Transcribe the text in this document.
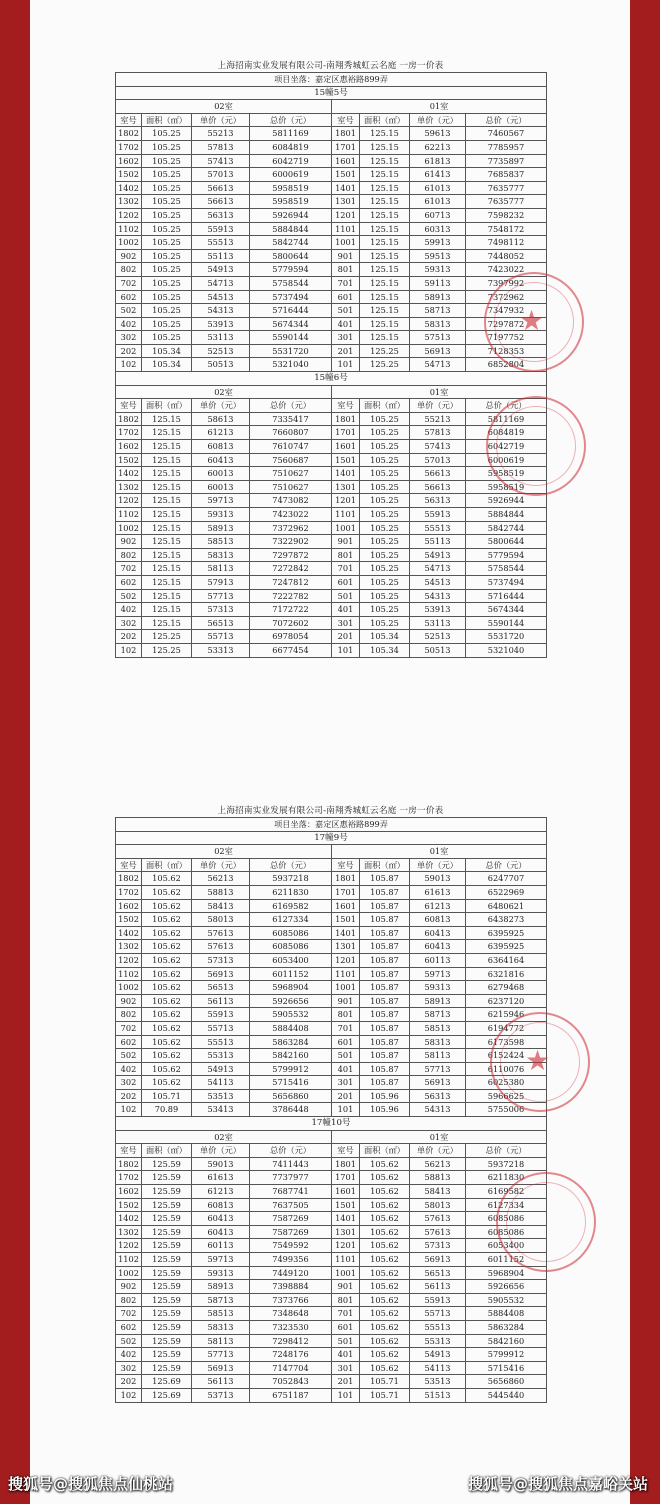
上海招南实业发展有限公司-南翔秀城虹云名庭 一房一价表
项目坐落：嘉定区惠裕路899弄							
15幢5号							
02室				01室			
室号	面积（㎡）	单价（元）	总价（元）	室号	面积（㎡）	单价（元）	总价（元）
1802	105.25	55213	5811169	1801	125.15	59613	7460567
1702	105.25	57813	6084819	1701	125.15	62213	7785957
1602	105.25	57413	6042719	1601	125.15	61813	7735897
1502	105.25	57013	6000619	1501	125.15	61413	7685837
1402	105.25	56613	5958519	1401	125.15	61013	7635777
1302	105.25	56613	5958519	1301	125.15	61013	7635777
1202	105.25	56313	5926944	1201	125.15	60713	7598232
1102	105.25	55913	5884844	1101	125.15	60313	7548172
1002	105.25	55513	5842744	1001	125.15	59913	7498112
902	105.25	55113	5800644	901	125.15	59513	7448052
802	105.25	54913	5779594	801	125.15	59313	7423022
702	105.25	54713	5758544	701	125.15	59113	7397992
602	105.25	54513	5737494	601	125.15	58913	7372962
502	105.25	54313	5716444	501	125.15	58713	7347932
402	105.25	53913	5674344	401	125.15	58313	7297872
302	105.25	53113	5590144	301	125.15	57513	7197752
202	105.34	52513	5531720	201	125.25	56913	7128353
102	105.34	50513	5321040	101	125.25	54713	6852804
15幢6号							
02室				01室			
室号	面积（㎡）	单价（元）	总价（元）	室号	面积（㎡）	单价（元）	总价（元）
1802	125.15	58613	7335417	1801	105.25	55213	5811169
1702	125.15	61213	7660807	1701	105.25	57813	6084819
1602	125.15	60813	7610747	1601	105.25	57413	6042719
1502	125.15	60413	7560687	1501	105.25	57013	6000619
1402	125.15	60013	7510627	1401	105.25	56613	5958519
1302	125.15	60013	7510627	1301	105.25	56613	5958519
1202	125.15	59713	7473082	1201	105.25	56313	5926944
1102	125.15	59313	7423022	1101	105.25	55913	5884844
1002	125.15	58913	7372962	1001	105.25	55513	5842744
902	125.15	58513	7322902	901	105.25	55113	5800644
802	125.15	58313	7297872	801	105.25	54913	5779594
702	125.15	58113	7272842	701	105.25	54713	5758544
602	125.15	57913	7247812	601	105.25	54513	5737494
502	125.15	57713	7222782	501	105.25	54313	5716444
402	125.15	57313	7172722	401	105.25	53913	5674344
302	125.15	56513	7072602	301	105.25	53113	5590144
202	125.25	55713	6978054	201	105.34	52513	5531720
102	125.25	53313	6677454	101	105.34	50513	5321040
上海招南实业发展有限公司-南翔秀城虹云名庭 一房一价表
项目坐落：嘉定区惠裕路899弄							
17幢9号							
02室				01室			
室号	面积（㎡）	单价（元）	总价（元）	室号	面积（㎡）	单价（元）	总价（元）
1802	105.62	56213	5937218	1801	105.87	59013	6247707
1702	105.62	58813	6211830	1701	105.87	61613	6522969
1602	105.62	58413	6169582	1601	105.87	61213	6480621
1502	105.62	58013	6127334	1501	105.87	60813	6438273
1402	105.62	57613	6085086	1401	105.87	60413	6395925
1302	105.62	57613	6085086	1301	105.87	60413	6395925
1202	105.62	57313	6053400	1201	105.87	60113	6364164
1102	105.62	56913	6011152	1101	105.87	59713	6321816
1002	105.62	56513	5968904	1001	105.87	59313	6279468
902	105.62	56113	5926656	901	105.87	58913	6237120
802	105.62	55913	5905532	801	105.87	58713	6215946
702	105.62	55713	5884408	701	105.87	58513	6194772
602	105.62	55513	5863284	601	105.87	58313	6173598
502	105.62	55313	5842160	501	105.87	58113	6152424
402	105.62	54913	5799912	401	105.87	57713	6110076
302	105.62	54113	5715416	301	105.87	56913	6025380
202	105.71	53513	5656860	201	105.96	56313	5966625
102	70.89	53413	3786448	101	105.96	54313	5755006
17幢10号							
02室				01室			
室号	面积（㎡）	单价（元）	总价（元）	室号	面积（㎡）	单价（元）	总价（元）
1802	125.59	59013	7411443	1801	105.62	56213	5937218
1702	125.59	61613	7737977	1701	105.62	58813	6211830
1602	125.59	61213	7687741	1601	105.62	58413	6169582
1502	125.59	60813	7637505	1501	105.62	58013	6127334
1402	125.59	60413	7587269	1401	105.62	57613	6085086
1302	125.59	60413	7587269	1301	105.62	57613	6085086
1202	125.59	60113	7549592	1201	105.62	57313	6053400
1102	125.59	59713	7499356	1101	105.62	56913	6011152
1002	125.59	59313	7449120	1001	105.62	56513	5968904
902	125.59	58913	7398884	901	105.62	56113	5926656
802	125.59	58713	7373766	801	105.62	55913	5905532
702	125.59	58513	7348648	701	105.62	55713	5884408
602	125.59	58313	7323530	601	105.62	55513	5863284
502	125.59	58113	7298412	501	105.62	55313	5842160
402	125.59	57713	7248176	401	105.62	54913	5799912
302	125.59	56913	7147704	301	105.62	54113	5715416
202	125.69	56113	7052843	201	105.71	53513	5656860
102	125.69	53713	6751187	101	105.71	51513	5445440
★
★
搜狐号@搜狐焦点仙桃站	搜狐号@搜狐焦点嘉峪关站
